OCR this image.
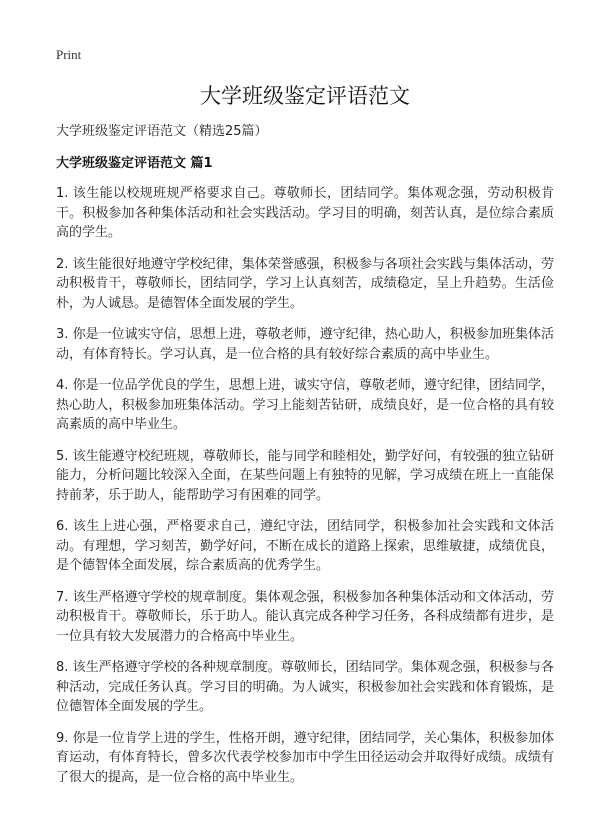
Print
大学班级鉴定评语范文

大学班级鉴定评语范文（精选25篇）

大学班级鉴定评语范文 篇1

1. 该生能以校规班规严格要求自己。尊敬师长，团结同学。集体观念强，劳动积极肯干。积极参加各种集体活动和社会实践活动。学习目的明确，刻苦认真，是位综合素质高的学生。
2. 该生能很好地遵守学校纪律，集体荣誉感强，积极参与各项社会实践与集体活动，劳动积极肯干，尊敬师长，团结同学，学习上认真刻苦，成绩稳定，呈上升趋势。生活俭朴，为人诚恳。是德智体全面发展的学生。
3. 你是一位诚实守信，思想上进，尊敬老师，遵守纪律，热心助人，积极参加班集体活动，有体育特长。学习认真，是一位合格的具有较好综合素质的高中毕业生。
4. 你是一位品学优良的学生，思想上进，诚实守信，尊敬老师，遵守纪律，团结同学，热心助人，积极参加班集体活动。学习上能刻苦钻研，成绩良好，是一位合格的具有较高素质的高中毕业生。
5. 该生能遵守校纪班规，尊敬师长，能与同学和睦相处，勤学好问，有较强的独立钻研能力，分析问题比较深入全面，在某些问题上有独特的见解，学习成绩在班上一直能保持前茅，乐于助人，能帮助学习有困难的同学。
6. 该生上进心强，严格要求自己，遵纪守法，团结同学，积极参加社会实践和文体活动。有理想，学习刻苦，勤学好问，不断在成长的道路上探索，思维敏捷，成绩优良，是个德智体全面发展，综合素质高的优秀学生。
7. 该生严格遵守学校的规章制度。集体观念强，积极参加各种集体活动和文体活动，劳动积极肯干。尊敬师长，乐于助人。能认真完成各种学习任务，各科成绩都有进步，是一位具有较大发展潜力的合格高中毕业生。
8. 该生严格遵守学校的各种规章制度。尊敬师长，团结同学。集体观念强，积极参与各种活动，完成任务认真。学习目的明确。为人诚实，积极参加社会实践和体育锻炼，是位德智体全面发展的学生。
9. 你是一位肯学上进的学生，性格开朗，遵守纪律，团结同学，关心集体，积极参加体育运动，有体育特长，曾多次代表学校参加市中学生田径运动会并取得好成绩。成绩有了很大的提高，是一位合格的高中毕业生。
